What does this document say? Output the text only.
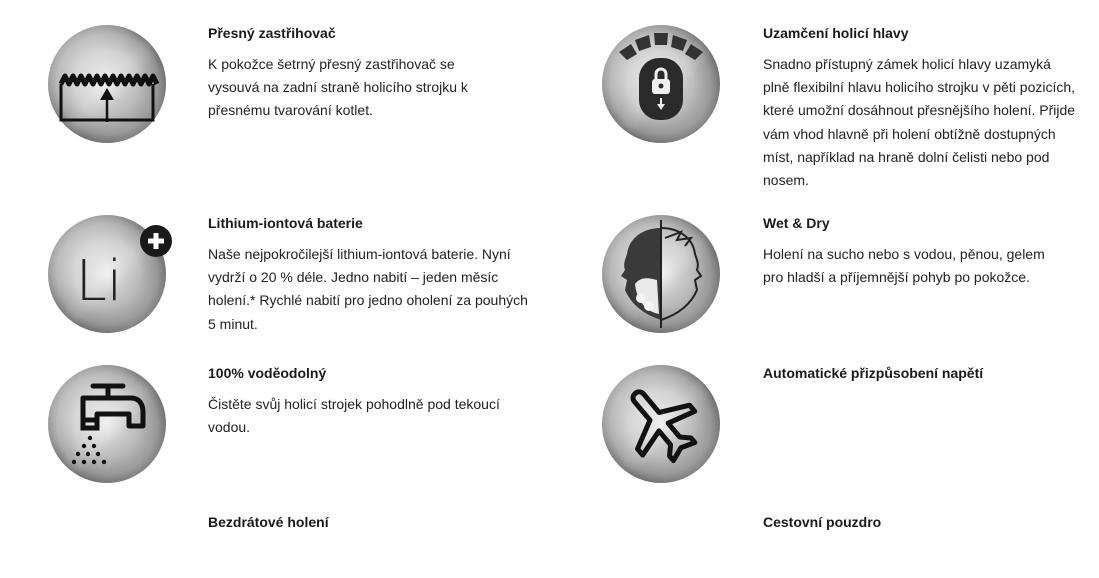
Přesný zastřihovač
K pokožce šetrný přesný zastřihovač se vysouvá na zadní straně holicího strojku k přesnému tvarování kotlet.
Uzamčení holicí hlavy
Snadno přístupný zámek holicí hlavy uzamyká plně flexibilní hlavu holicího strojku v pěti pozicích, které umožní dosáhnout přesnějšího holení. Přijde vám vhod hlavně při holení obtížně dostupných míst, například na hraně dolní čelisti nebo pod nosem.
Li
Lithium-iontová baterie
Naše nejpokročilejší lithium-iontová baterie. Nyní vydrží o 20 % déle. Jedno nabití – jeden měsíc holení.* Rychlé nabití pro jedno oholení za pouhých 5 minut.
Wet & Dry
Holení na sucho nebo s vodou, pěnou, gelem pro hladší a příjemnější pohyb po pokožce.
100% voděodolný
Čistěte svůj holicí strojek pohodlně pod tekoucí vodou.
Automatické přizpůsobení napětí
Bezdrátové holení	Cestovní pouzdro
